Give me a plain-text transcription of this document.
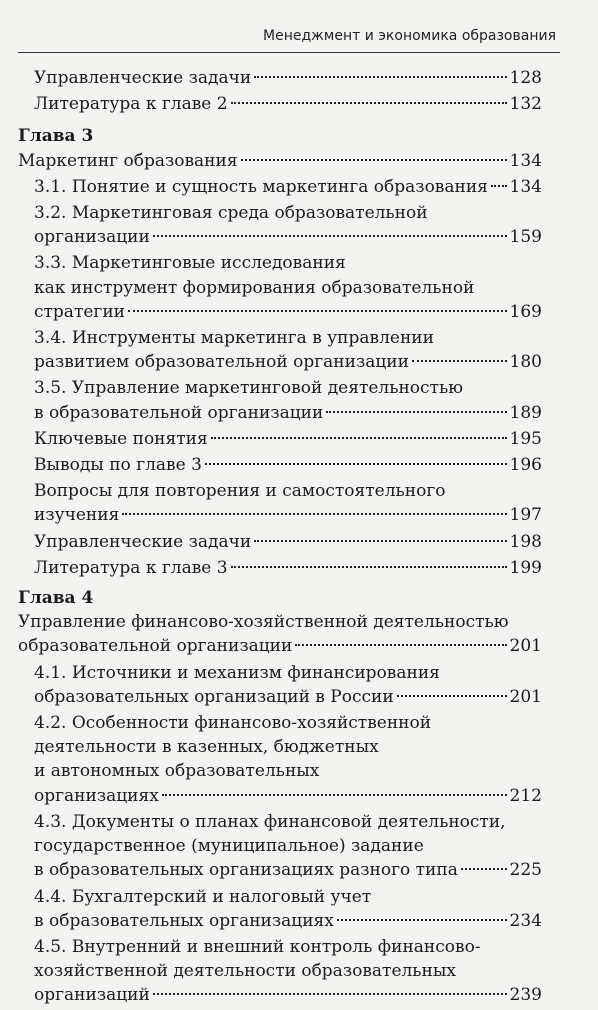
Менеджмент и экономика образования
Управленческие задачи	128
Литература к главе 2	132
Глава 3
Маркетинг образования	134
3.1. Понятие и сущность маркетинга образования 134
3.2. Маркетинговая среда образовательной
организации	159
3.3. Маркетинговые исследования
как инструмент формирования образовательной
стратегии	169
3.4. Инструменты маркетинга в управлении
развитием образовательной организации	180
3.5. Управление маркетинговой деятельностью
в образовательной организации	189
Ключевые понятия	195
Выводы по главе 3	196
Вопросы для повторения и самостоятельного
изучения	197
Управленческие задачи	198
Литература к главе 3	199
Глава 4
Управление финансово-хозяйственной деятельностью
образовательной организации	201
4.1. Источники и механизм финансирования
образовательных организаций в России	201
4.2. Особенности финансово-хозяйственной
деятельности в казенных, бюджетных
и автономных образовательных
организациях	212
4.3. Документы о планах финансовой деятельности,
государственное (муниципальное) задание
в образовательных организациях разного типа	225
4.4. Бухгалтерский и налоговый учет
в образовательных организациях	234
4.5. Внутренний и внешний контроль финансово-
хозяйственной деятельности образовательных
организаций	239
